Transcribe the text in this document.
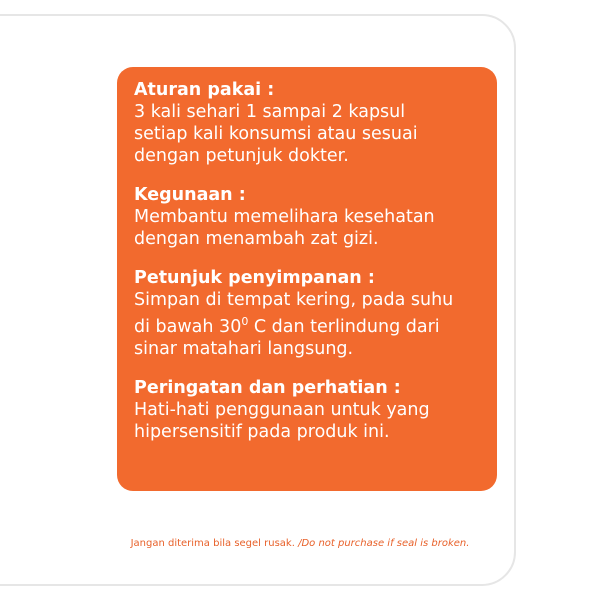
Aturan pakai :
3 kali sehari 1 sampai 2 kapsul
setiap kali konsumsi atau sesuai
dengan petunjuk dokter.
Kegunaan :
Membantu memelihara kesehatan
dengan menambah zat gizi.
Petunjuk penyimpanan :
Simpan di tempat kering, pada suhu
di bawah $30^0$ C dan terlindung dari
sinar matahari langsung.
Peringatan dan perhatian :
Hati-hati penggunaan untuk yang
hipersensitif pada produk ini.
Jangan diterima bila segel rusak. /Do not purchase if seal is broken.
